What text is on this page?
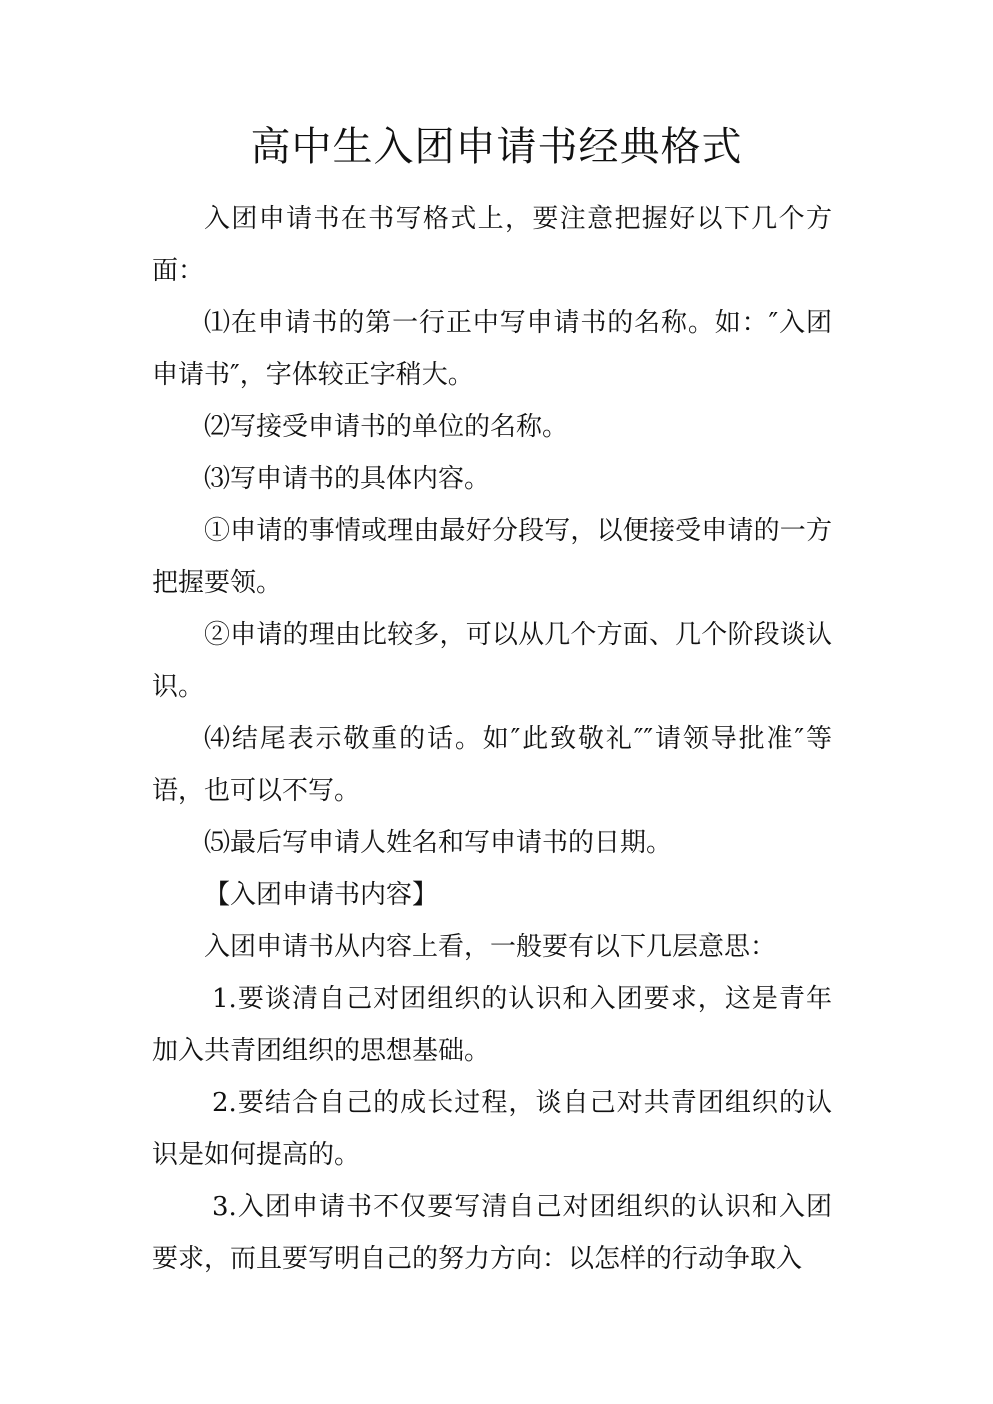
高中生入团申请书经典格式

入团申请书在书写格式上，要注意把握好以下几个方面：

⑴在申请书的第一行正中写申请书的名称。如：″入团申请书″，字体较正字稍大。

⑵写接受申请书的单位的名称。

⑶写申请书的具体内容。

①申请的事情或理由最好分段写，以便接受申请的一方把握要领。

②申请的理由比较多，可以从几个方面、几个阶段谈认识。

⑷结尾表示敬重的话。如″此致敬礼″″请领导批准″等语，也可以不写。

⑸最后写申请人姓名和写申请书的日期。

【入团申请书内容】

入团申请书从内容上看，一般要有以下几层意思：

1.要谈清自己对团组织的认识和入团要求，这是青年加入共青团组织的思想基础。

2.要结合自己的成长过程，谈自己对共青团组织的认识是如何提高的。

3.入团申请书不仅要写清自己对团组织的认识和入团要求，而且要写明自己的努力方向：以怎样的行动争取入
